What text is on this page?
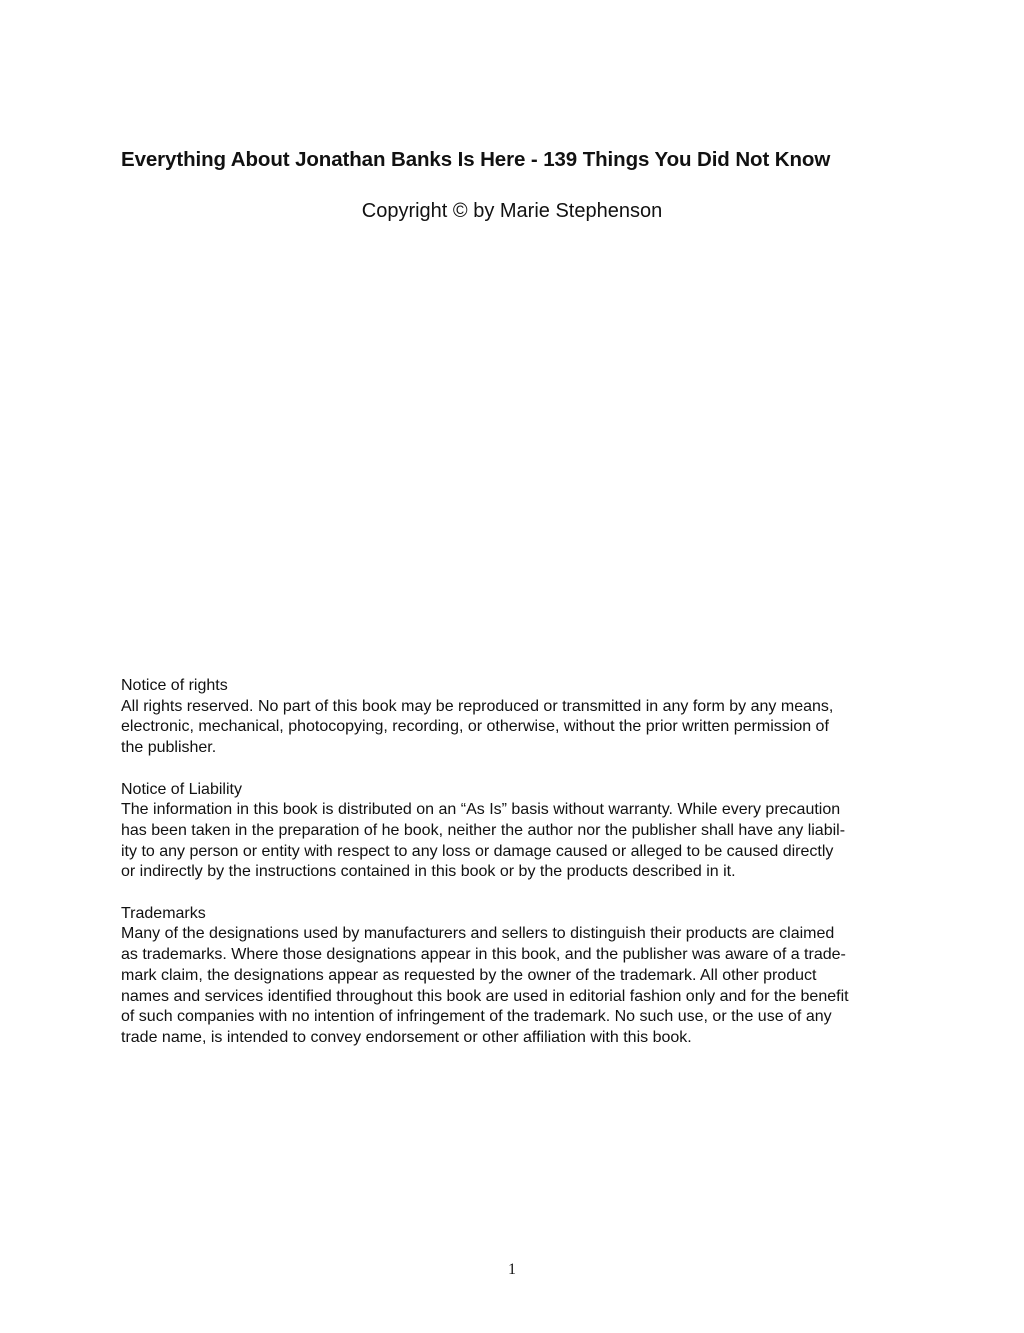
Everything About Jonathan Banks Is Here - 139 Things You Did Not Know
Copyright © by Marie Stephenson
Notice of rights
All rights reserved. No part of this book may be reproduced or transmitted in any form by any means,
electronic, mechanical, photocopying, recording, or otherwise, without the prior written permission of
the publisher.
Notice of Liability
The information in this book is distributed on an “As Is” basis without warranty. While every precaution
has been taken in the preparation of he book, neither the author nor the publisher shall have any liabil-
ity to any person or entity with respect to any loss or damage caused or alleged to be caused directly
or indirectly by the instructions contained in this book or by the products described in it.
Trademarks
Many of the designations used by manufacturers and sellers to distinguish their products are claimed
as trademarks. Where those designations appear in this book, and the publisher was aware of a trade-
mark claim, the designations appear as requested by the owner of the trademark. All other product
names and services identified throughout this book are used in editorial fashion only and for the benefit
of such companies with no intention of infringement of the trademark. No such use, or the use of any
trade name, is intended to convey endorsement or other affiliation with this book.
1
